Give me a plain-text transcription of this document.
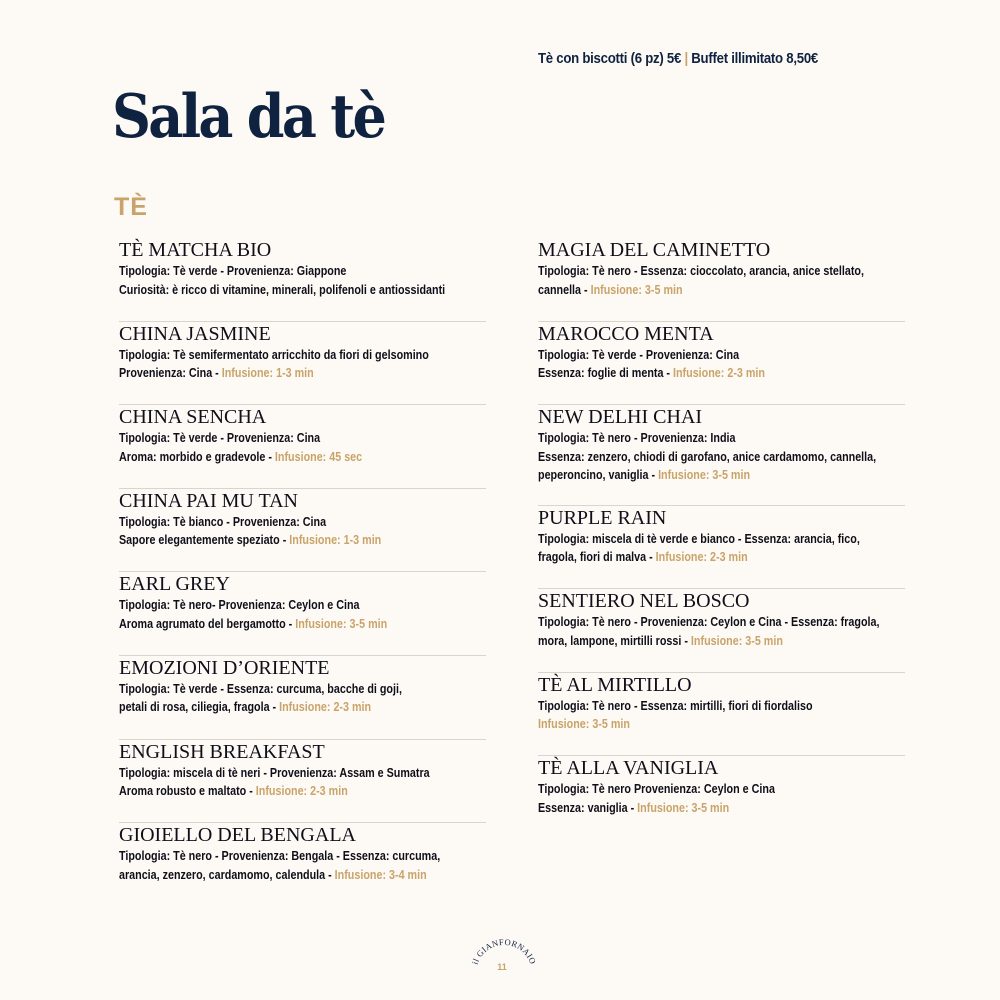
Tè con biscotti (6 pz) 5€ | Buffet illimitato 8,50€
Sala da tè
TÈ
TÈ MATCHA BIO
Tipologia: Tè verde - Provenienza: Giappone
Curiosità: è ricco di vitamine, minerali, polifenoli e antiossidanti
CHINA JASMINE
Tipologia: Tè semifermentato arricchito da fiori di gelsomino
Provenienza: Cina - Infusione: 1-3 min
CHINA SENCHA
Tipologia: Tè verde - Provenienza: Cina
Aroma: morbido e gradevole - Infusione: 45 sec
CHINA PAI MU TAN
Tipologia: Tè bianco - Provenienza: Cina
Sapore elegantemente speziato - Infusione: 1-3 min
EARL GREY
Tipologia: Tè nero- Provenienza: Ceylon e Cina
Aroma agrumato del bergamotto - Infusione: 3-5 min
EMOZIONI D’ORIENTE
Tipologia: Tè verde - Essenza: curcuma, bacche di goji,
petali di rosa, ciliegia, fragola - Infusione: 2-3 min
ENGLISH BREAKFAST
Tipologia: miscela di tè neri - Provenienza: Assam e Sumatra
Aroma robusto e maltato - Infusione: 2-3 min
GIOIELLO DEL BENGALA
Tipologia: Tè nero - Provenienza: Bengala - Essenza: curcuma,
arancia, zenzero, cardamomo, calendula - Infusione: 3-4 min
MAGIA DEL CAMINETTO
Tipologia: Tè nero - Essenza: cioccolato, arancia, anice stellato,
cannella - Infusione: 3-5 min
MAROCCO MENTA
Tipologia: Tè verde - Provenienza: Cina
Essenza: foglie di menta - Infusione: 2-3 min
NEW DELHI CHAI
Tipologia: Tè nero - Provenienza: India
Essenza: zenzero, chiodi di garofano, anice cardamomo, cannella,
peperoncino, vaniglia - Infusione: 3-5 min
PURPLE RAIN
Tipologia: miscela di tè verde e bianco - Essenza: arancia, fico,
fragola, fiori di malva - Infusione: 2-3 min
SENTIERO NEL BOSCO
Tipologia: Tè nero - Provenienza: Ceylon e Cina - Essenza: fragola,
mora, lampone, mirtilli rossi - Infusione: 3-5 min
TÈ AL MIRTILLO
Tipologia: Tè nero - Essenza: mirtilli, fiori di fiordaliso
Infusione: 3-5 min
TÈ ALLA VANIGLIA
Tipologia: Tè nero Provenienza: Ceylon e Cina
Essenza: vaniglia - Infusione: 3-5 min
il GIANFORNAIO
11
